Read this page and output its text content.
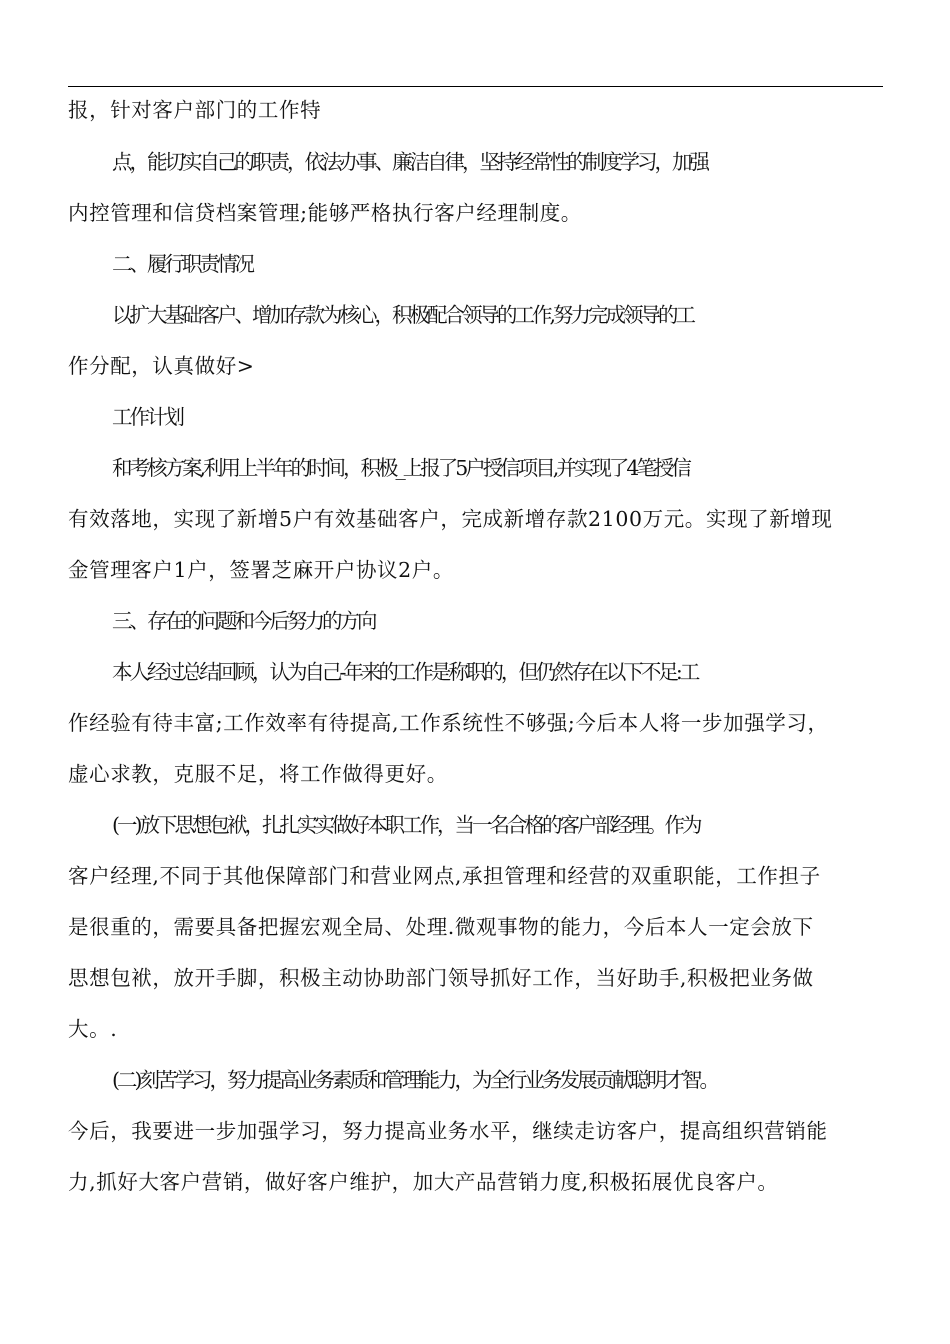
报，针对客户部门的工作特
点，能切实自己的职责，依法办事、廉洁自律，坚持经常性的制度学习，加强
内控管理和信贷档案管理;能够严格执行客户经理制度。
二、履行职责情况
以扩大基础客户、增加存款为核心，积极配合领导的工作,努力完成领导的工
作分配，认真做好>
工作计划
和考核方案,利用上半年的时间，积极_上报了5户授信项目,并实现了4笔授信
有效落地，实现了新增5户有效基础客户，完成新增存款2100万元。实现了新增现
金管理客户1户，签署芝麻开户协议2户。
三、存在的问题和今后努力的方向
本人经过总结回顾，认为自己-年来的工作是称职的，但仍然存在以下不足:工
作经验有待丰富;工作效率有待提高,工作系统性不够强;今后本人将一步加强学习，
虚心求教，克服不足，将工作做得更好。
(一)放下思想包袱，扎扎实实做好本职工作，当一名合格的客户部经理。作为
客户经理,不同于其他保障部门和营业网点,承担管理和经营的双重职能，工作担子
是很重的，需要具备把握宏观全局、处理.微观事物的能力，今后本人一定会放下
思想包袱，放开手脚，积极主动协助部门领导抓好工作，当好助手,积极把业务做
大。.
(二)刻苦学习，努力提高业务素质和管理能力，为全行业务发展贡献聪明才智。
今后，我要进一步加强学习，努力提高业务水平，继续走访客户，提高组织营销能
力,抓好大客户营销，做好客户维护，加大产品营销力度,积极拓展优良客户。
